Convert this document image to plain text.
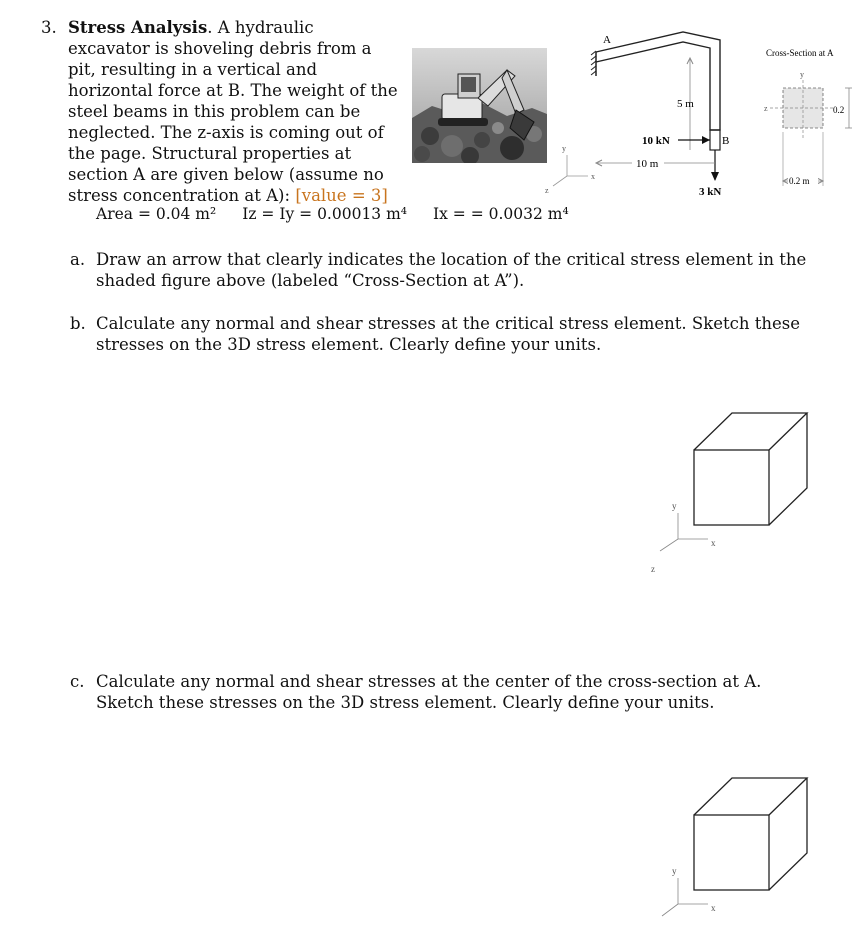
3. Stress Analysis. A hydraulic excavator is shoveling debris from a pit, resulting in a vertical and horizontal force at B. The weight of the steel beams in this problem can be neglected. The z-axis is coming out of the page. Structural properties at section A are given below (assume no stress concentration at A): [value = 3]
A
B
5 m
10 kN
3 kN
10 m
y
x
z
Cross-Section at A
y
z	0.2
0.2 m
Area = 0.04 m² Iz = Iy = 0.00013 m⁴ Ix = = 0.0032 m⁴
a. Draw an arrow that clearly indicates the location of the critical stress element in the shaded figure above (labeled “Cross-Section at A”).
b. Calculate any normal and shear stresses at the critical stress element. Sketch these stresses on the 3D stress element. Clearly define your units.
c. Calculate any normal and shear stresses at the center of the cross-section at A. Sketch these stresses on the 3D stress element. Clearly define your units.
y
x
z
y
x
